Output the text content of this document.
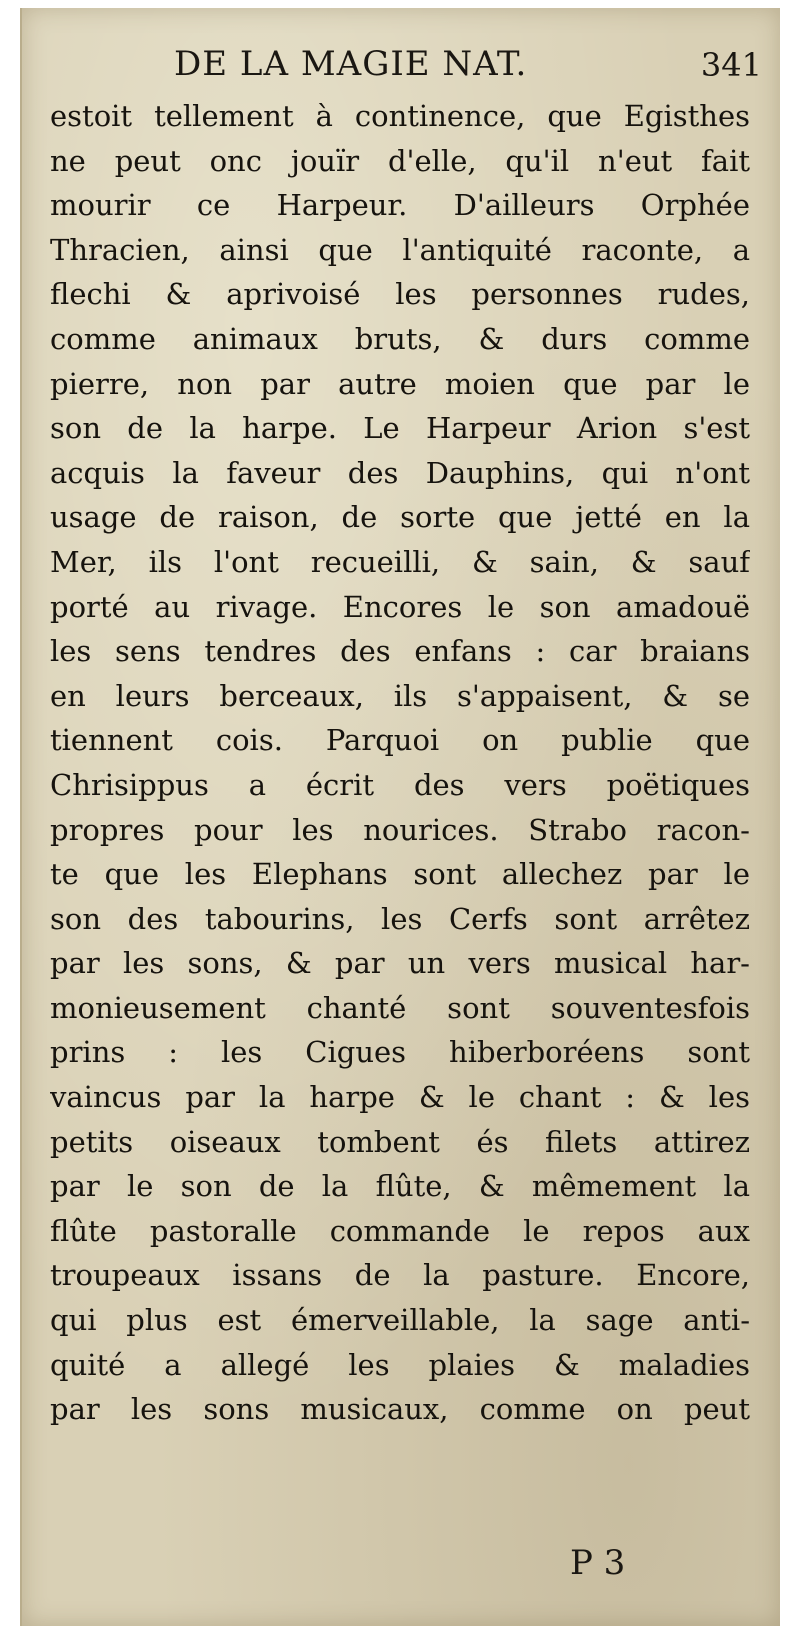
DE LA MAGIE NAT.	341
estoit tellement à continence, que Egisthes
ne peut onc jouïr d'elle, qu'il n'eut fait
mourir ce Harpeur. D'ailleurs Orphée
Thracien, ainsi que l'antiquité raconte, a
flechi & aprivoisé les personnes rudes,
comme animaux bruts, & durs comme
pierre, non par autre moien que par le
son de la harpe. Le Harpeur Arion s'est
acquis la faveur des Dauphins, qui n'ont
usage de raison, de sorte que jetté en la
Mer, ils l'ont recueilli, & sain, & sauf
porté au rivage. Encores le son amadouë
les sens tendres des enfans : car braians
en leurs berceaux, ils s'appaisent, & se
tiennent cois. Parquoi on publie que
Chrisippus a écrit des vers poëtiques
propres pour les nourices. Strabo racon-
te que les Elephans sont allechez par le
son des tabourins, les Cerfs sont arrêtez
par les sons, & par un vers musical har-
monieusement chanté sont souventesfois
prins : les Cigues hiberboréens sont
vaincus par la harpe & le chant : & les
petits oiseaux tombent és filets attirez
par le son de la flûte, & mêmement la
flûte pastoralle commande le repos aux
troupeaux issans de la pasture. Encore,
qui plus est émerveillable, la sage anti-
quité a allegé les plaies & maladies
par les sons musicaux, comme on peut
P 3
